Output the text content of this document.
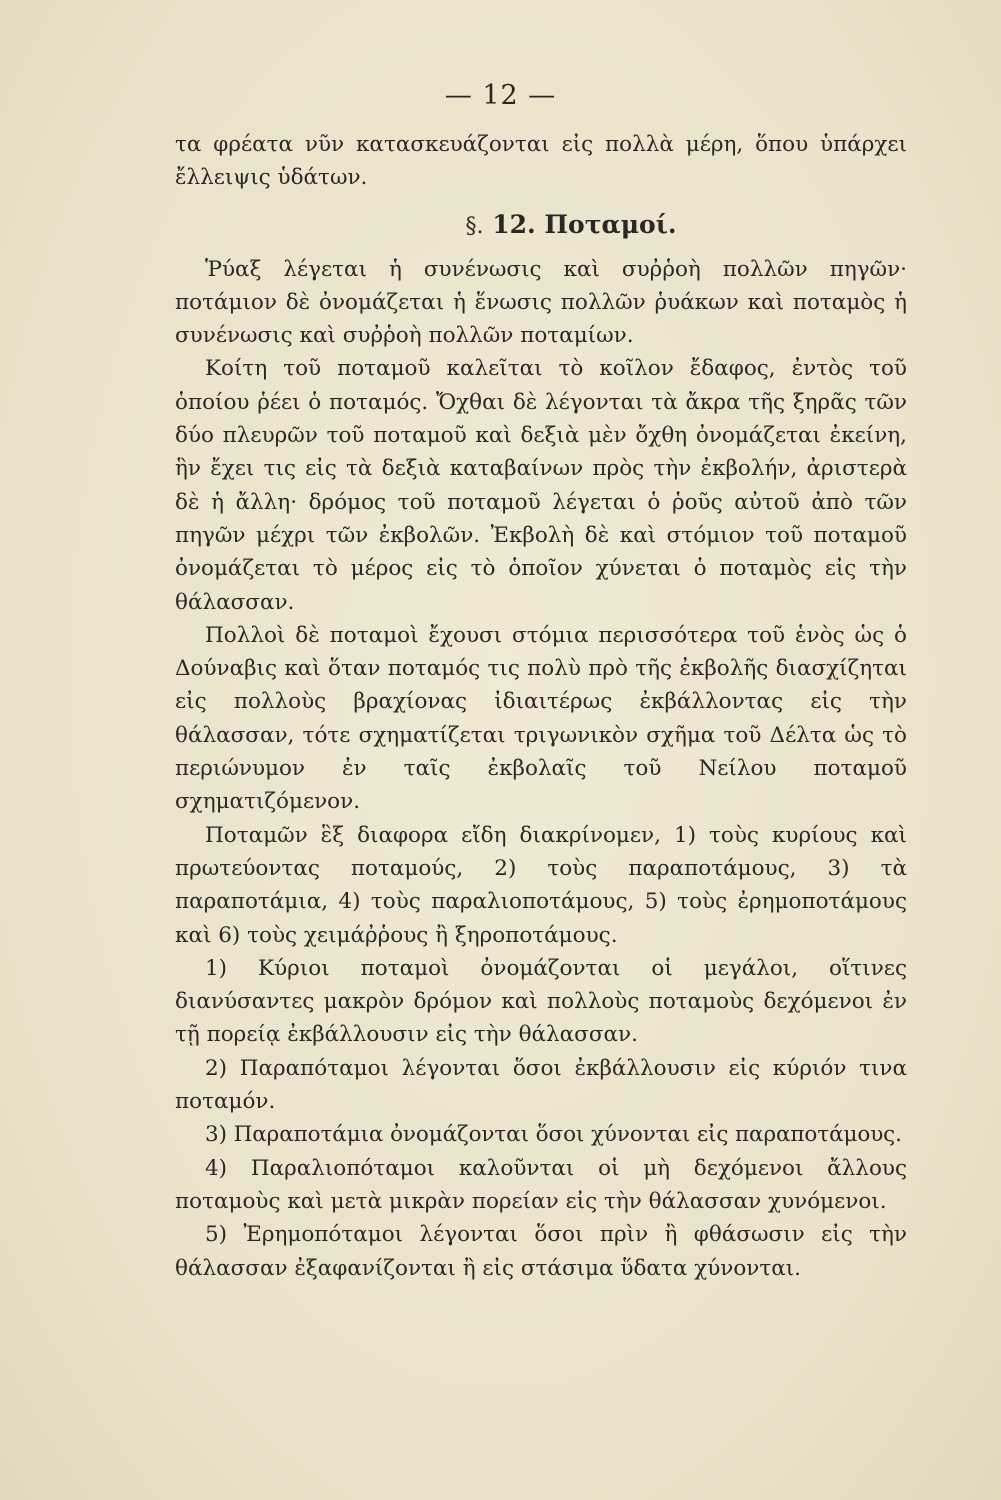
— 12 —

τα φρέατα νῦν κατασκευάζονται εἰς πολλὰ μέρη, ὅπου ὑπάρχει ἔλλειψις ὑδάτων.

§. 12. Ποταμοί.

Ῥύαξ λέγεται ἡ συνένωσις καὶ συῤῥοὴ πολλῶν πηγῶν· ποτάμιον δὲ ὀνομάζεται ἡ ἕνωσις πολλῶν ῥυάκων καὶ ποταμὸς ἡ συνένωσις καὶ συῤῥοὴ πολλῶν ποταμίων.

Κοίτη τοῦ ποταμοῦ καλεῖται τὸ κοῖλον ἔδαφος, ἐντὸς τοῦ ὁποίου ῥέει ὁ ποταμός. Ὄχθαι δὲ λέγονται τὰ ἄκρα τῆς ξηρᾶς τῶν δύο πλευρῶν τοῦ ποταμοῦ καὶ δεξιὰ μὲν ὄχθη ὀνομάζεται ἐκείνη, ἣν ἔχει τις εἰς τὰ δεξιὰ καταβαίνων πρὸς τὴν ἐκβολήν, ἀριστερὰ δὲ ἡ ἄλλη· δρόμος τοῦ ποταμοῦ λέγεται ὁ ῥοῦς αὐτοῦ ἀπὸ τῶν πηγῶν μέχρι τῶν ἐκβολῶν. Ἐκβολὴ δὲ καὶ στόμιον τοῦ ποταμοῦ ὀνομάζεται τὸ μέρος εἰς τὸ ὁποῖον χύνεται ὁ ποταμὸς εἰς τὴν θάλασσαν.

Πολλοὶ δὲ ποταμοὶ ἔχουσι στόμια περισσότερα τοῦ ἑνὸς ὡς ὁ Δούναβις καὶ ὅταν ποταμός τις πολὺ πρὸ τῆς ἐκβολῆς διασχίζηται εἰς πολλοὺς βραχίονας ἰδιαιτέρως ἐκβάλλοντας εἰς τὴν θάλασσαν, τότε σχηματίζεται τριγωνικὸν σχῆμα τοῦ Δέλτα ὡς τὸ περιώνυμον ἐν ταῖς ἐκβολαῖς τοῦ Νείλου ποταμοῦ σχηματιζόμενον.

Ποταμῶν ἓξ διαφορα εἴδη διακρίνομεν, 1) τοὺς κυρίους καὶ πρωτεύοντας ποταμούς, 2) τοὺς παραποτάμους, 3) τὰ παραποτάμια, 4) τοὺς παραλιοποτάμους, 5) τοὺς ἐρημοποτάμους καὶ 6) τοὺς χειμάῤῥους ἢ ξηροποτάμους.

1) Κύριοι ποταμοὶ ὀνομάζονται οἱ μεγάλοι, οἵτινες διανύσαντες μακρὸν δρόμον καὶ πολλοὺς ποταμοὺς δεχόμενοι ἐν τῇ πορείᾳ ἐκβάλλουσιν εἰς τὴν θάλασσαν.

2) Παραπόταμοι λέγονται ὅσοι ἐκβάλλουσιν εἰς κύριόν τινα ποταμόν.

3) Παραποτάμια ὀνομάζονται ὅσοι χύνονται εἰς παραποτάμους.

4) Παραλιοπόταμοι καλοῦνται οἱ μὴ δεχόμενοι ἄλλους ποταμοὺς καὶ μετὰ μικρὰν πορείαν εἰς τὴν θάλασσαν χυνόμενοι.

5) Ἐρημοπόταμοι λέγονται ὅσοι πρὶν ἢ φθάσωσιν εἰς τὴν θάλασσαν ἐξαφανίζονται ἢ εἰς στάσιμα ὕδατα χύνονται.
